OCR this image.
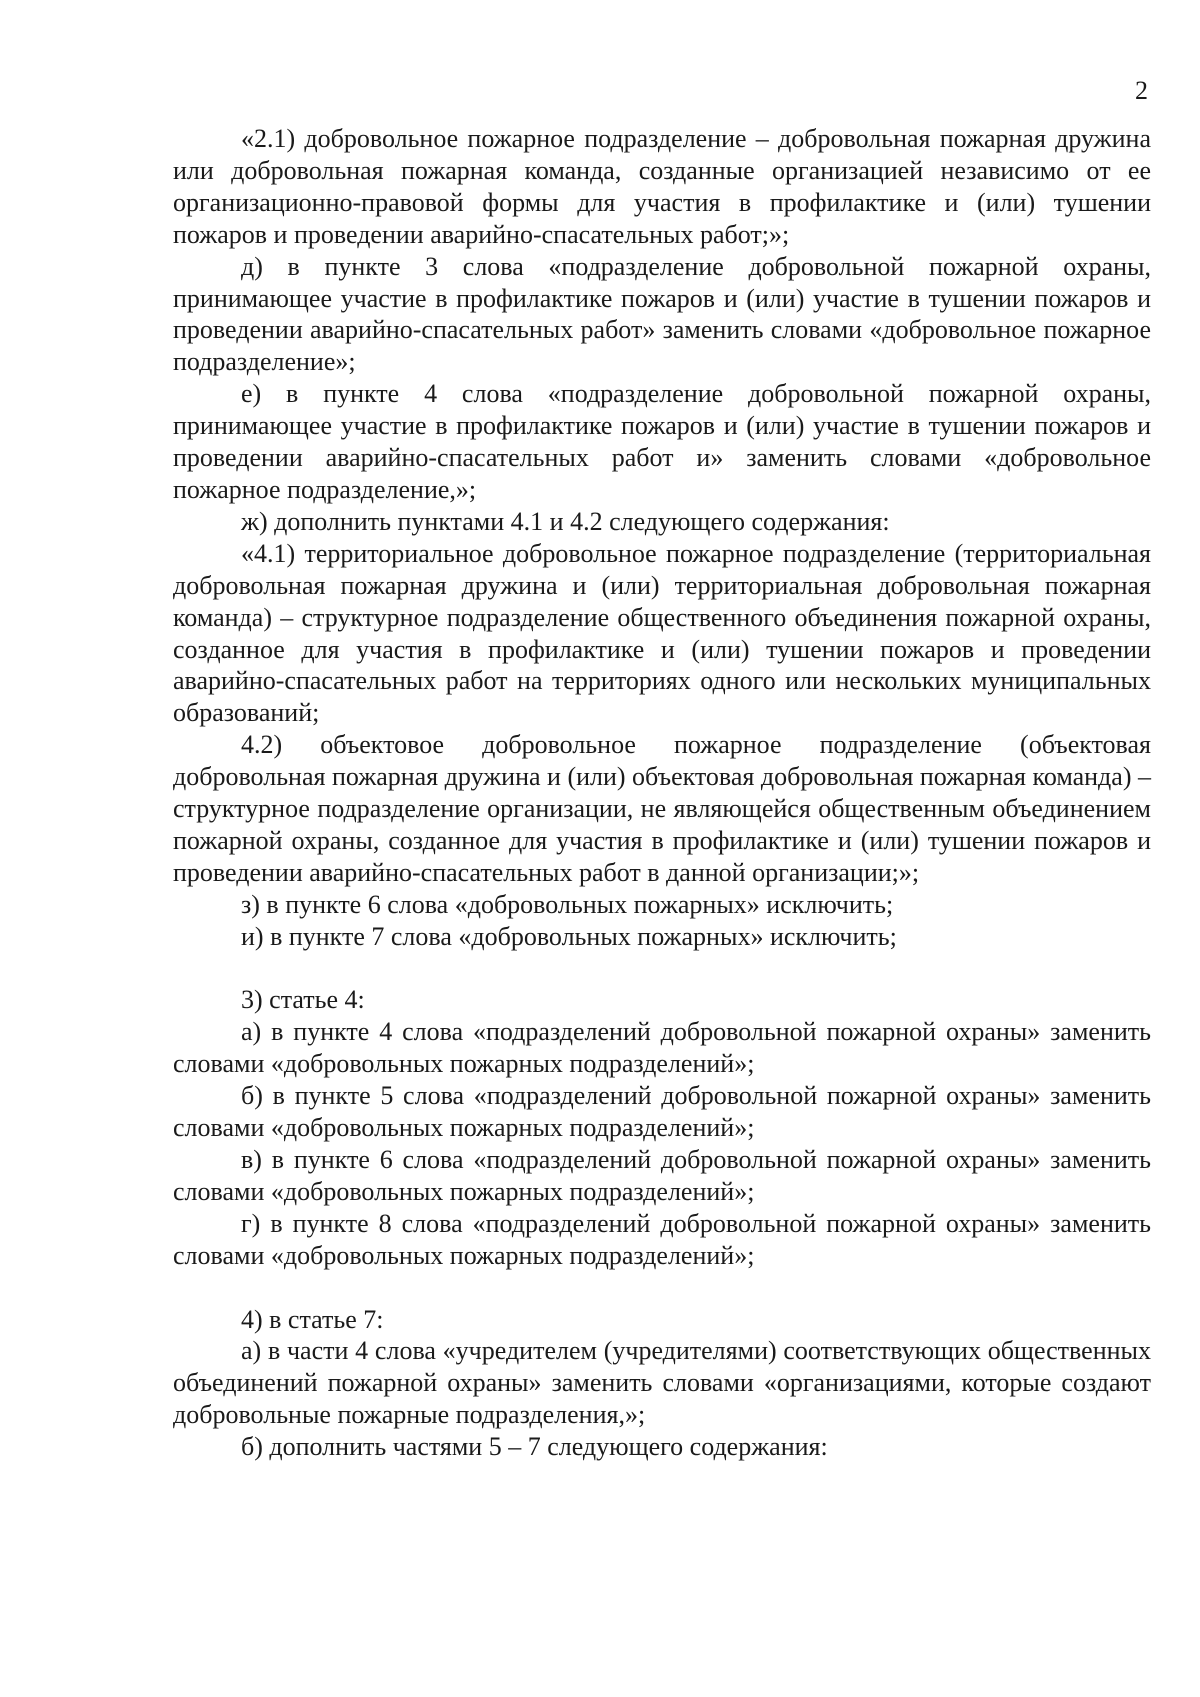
2

«2.1) добровольное пожарное подразделение – добровольная пожарная дружина или добровольная пожарная команда, созданные организацией независимо от ее организационно-правовой формы для участия в профилактике и (или) тушении пожаров и проведении аварийно-спасательных работ;»;

д) в пункте 3 слова «подразделение добровольной пожарной охраны, принимающее участие в профилактике пожаров и (или) участие в тушении пожаров и проведении аварийно-спасательных работ» заменить словами «добровольное пожарное подразделение»;

е) в пункте 4 слова «подразделение добровольной пожарной охраны, принимающее участие в профилактике пожаров и (или) участие в тушении пожаров и проведении аварийно-спасательных работ и» заменить словами «добровольное пожарное подразделение,»;

ж) дополнить пунктами 4.1 и 4.2 следующего содержания:

«4.1) территориальное добровольное пожарное подразделение (территориальная добровольная пожарная дружина и (или) территориальная добровольная пожарная команда) – структурное подразделение общественного объединения пожарной охраны, созданное для участия в профилактике и (или) тушении пожаров и проведении аварийно-спасательных работ на территориях одного или нескольких муниципальных образований;

4.2) объектовое добровольное пожарное подразделение (объектовая добровольная пожарная дружина и (или) объектовая добровольная пожарная команда) – структурное подразделение организации, не являющейся общественным объединением пожарной охраны, созданное для участия в профилактике и (или) тушении пожаров и проведении аварийно-спасательных работ в данной организации;»;

з) в пункте 6 слова «добровольных пожарных» исключить;

и) в пункте 7 слова «добровольных пожарных» исключить;

3) статье 4:

а) в пункте 4 слова «подразделений добровольной пожарной охраны» заменить словами «добровольных пожарных подразделений»;

б) в пункте 5 слова «подразделений добровольной пожарной охраны» заменить словами «добровольных пожарных подразделений»;

в) в пункте 6 слова «подразделений добровольной пожарной охраны» заменить словами «добровольных пожарных подразделений»;

г) в пункте 8 слова «подразделений добровольной пожарной охраны» заменить словами «добровольных пожарных подразделений»;

4) в статье 7:

а) в части 4 слова «учредителем (учредителями) соответствующих общественных объединений пожарной охраны» заменить словами «организациями, которые создают добровольные пожарные подразделения,»;

б) дополнить частями 5 – 7 следующего содержания:
